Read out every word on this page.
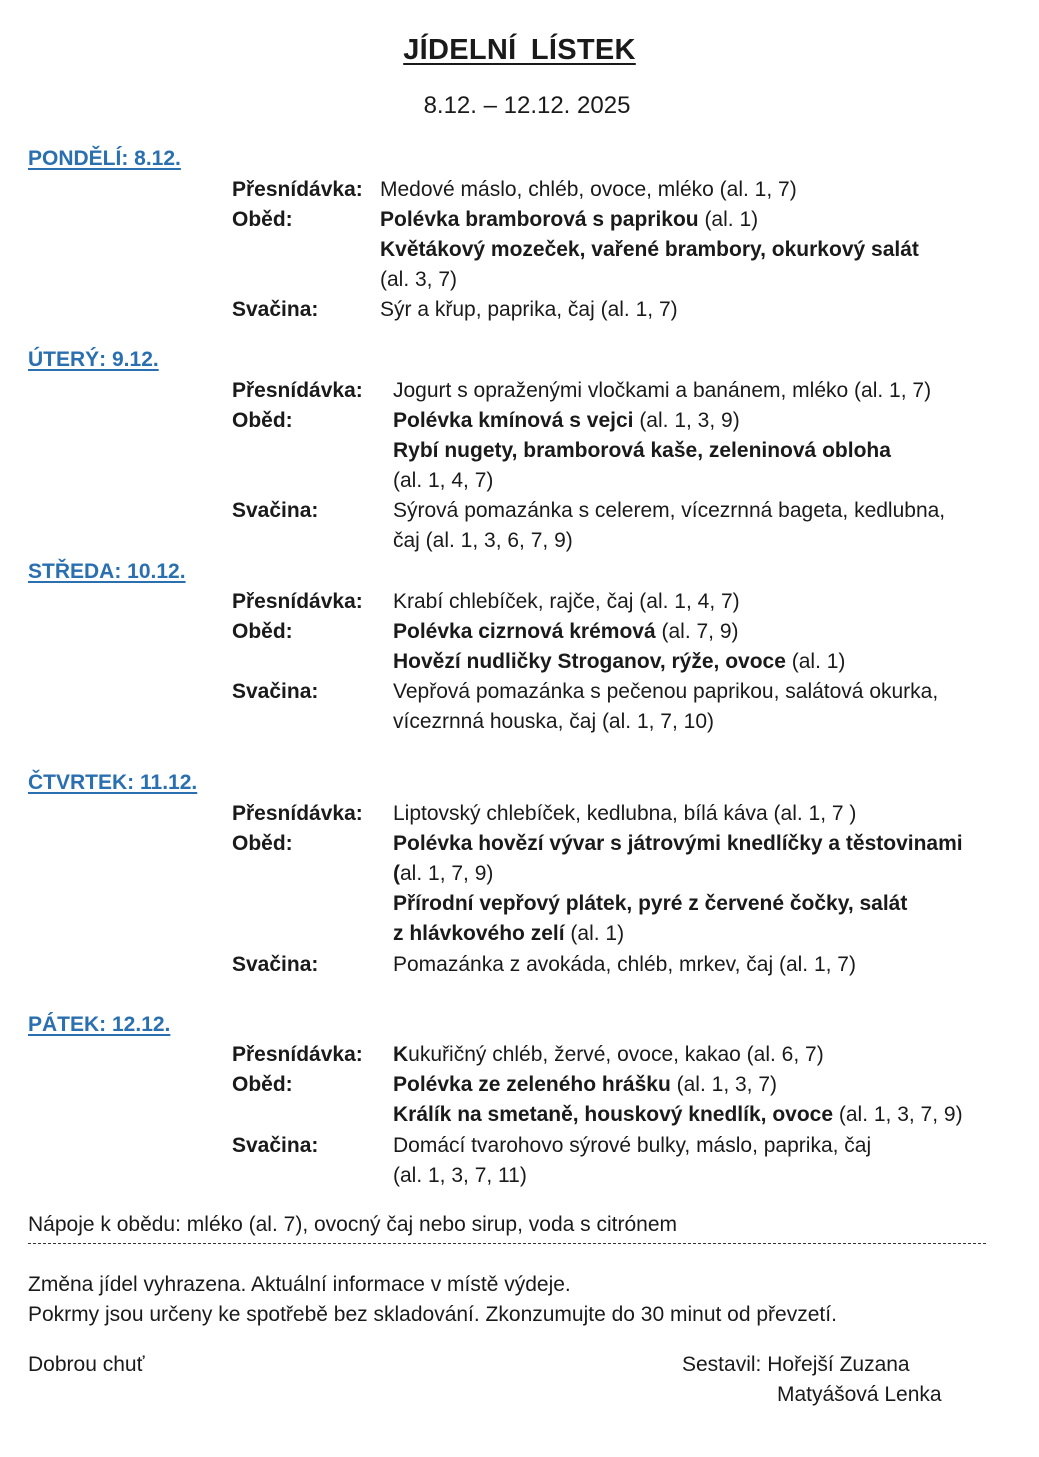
JÍDELNÍ LÍSTEK
8.12. – 12.12. 2025
PONDĚLÍ: 8.12.
Přesnídávka: Medové máslo, chléb, ovoce, mléko (al. 1, 7)
Oběd:	Polévka bramborová s paprikou (al. 1)
Květákový mozeček, vařené brambory, okurkový salát
(al. 3, 7)
Svačina:	Sýr a křup, paprika, čaj (al. 1, 7)
ÚTERÝ: 9.12.
Přesnídávka: Jogurt s opraženými vločkami a banánem, mléko (al. 1, 7)
Oběd:	Polévka kmínová s vejci (al. 1, 3, 9)
Rybí nugety, bramborová kaše, zeleninová obloha
(al. 1, 4, 7)
Svačina:	Sýrová pomazánka s celerem, vícezrnná bageta, kedlubna,
čaj (al. 1, 3, 6, 7, 9)
STŘEDA: 10.12.
Přesnídávka: Krabí chlebíček, rajče, čaj (al. 1, 4, 7)
Oběd:	Polévka cizrnová krémová (al. 7, 9)
Hovězí nudličky Stroganov, rýže, ovoce (al. 1)
Svačina:	Vepřová pomazánka s pečenou paprikou, salátová okurka,
vícezrnná houska, čaj (al. 1, 7, 10)
ČTVRTEK: 11.12.
Přesnídávka: Liptovský chlebíček, kedlubna, bílá káva (al. 1, 7 )
Oběd:	Polévka hovězí vývar s játrovými knedlíčky a těstovinami
(al. 1, 7, 9)
Přírodní vepřový plátek, pyré z červené čočky, salát
z hlávkového zelí (al. 1)
Svačina:	Pomazánka z avokáda, chléb, mrkev, čaj (al. 1, 7)
PÁTEK: 12.12.
Přesnídávka: Kukuřičný chléb, žervé, ovoce, kakao (al. 6, 7)
Oběd:	Polévka ze zeleného hrášku (al. 1, 3, 7)
Králík na smetaně, houskový knedlík, ovoce (al. 1, 3, 7, 9)
Svačina:	Domácí tvarohovo sýrové bulky, máslo, paprika, čaj
(al. 1, 3, 7, 11)
Nápoje k obědu: mléko (al. 7), ovocný čaj nebo sirup, voda s citrónem
Změna jídel vyhrazena. Aktuální informace v místě výdeje.
Pokrmy jsou určeny ke spotřebě bez skladování. Zkonzumujte do 30 minut od převzetí.
Dobrou chuť	Sestavil: Hořejší Zuzana
Matyášová Lenka
